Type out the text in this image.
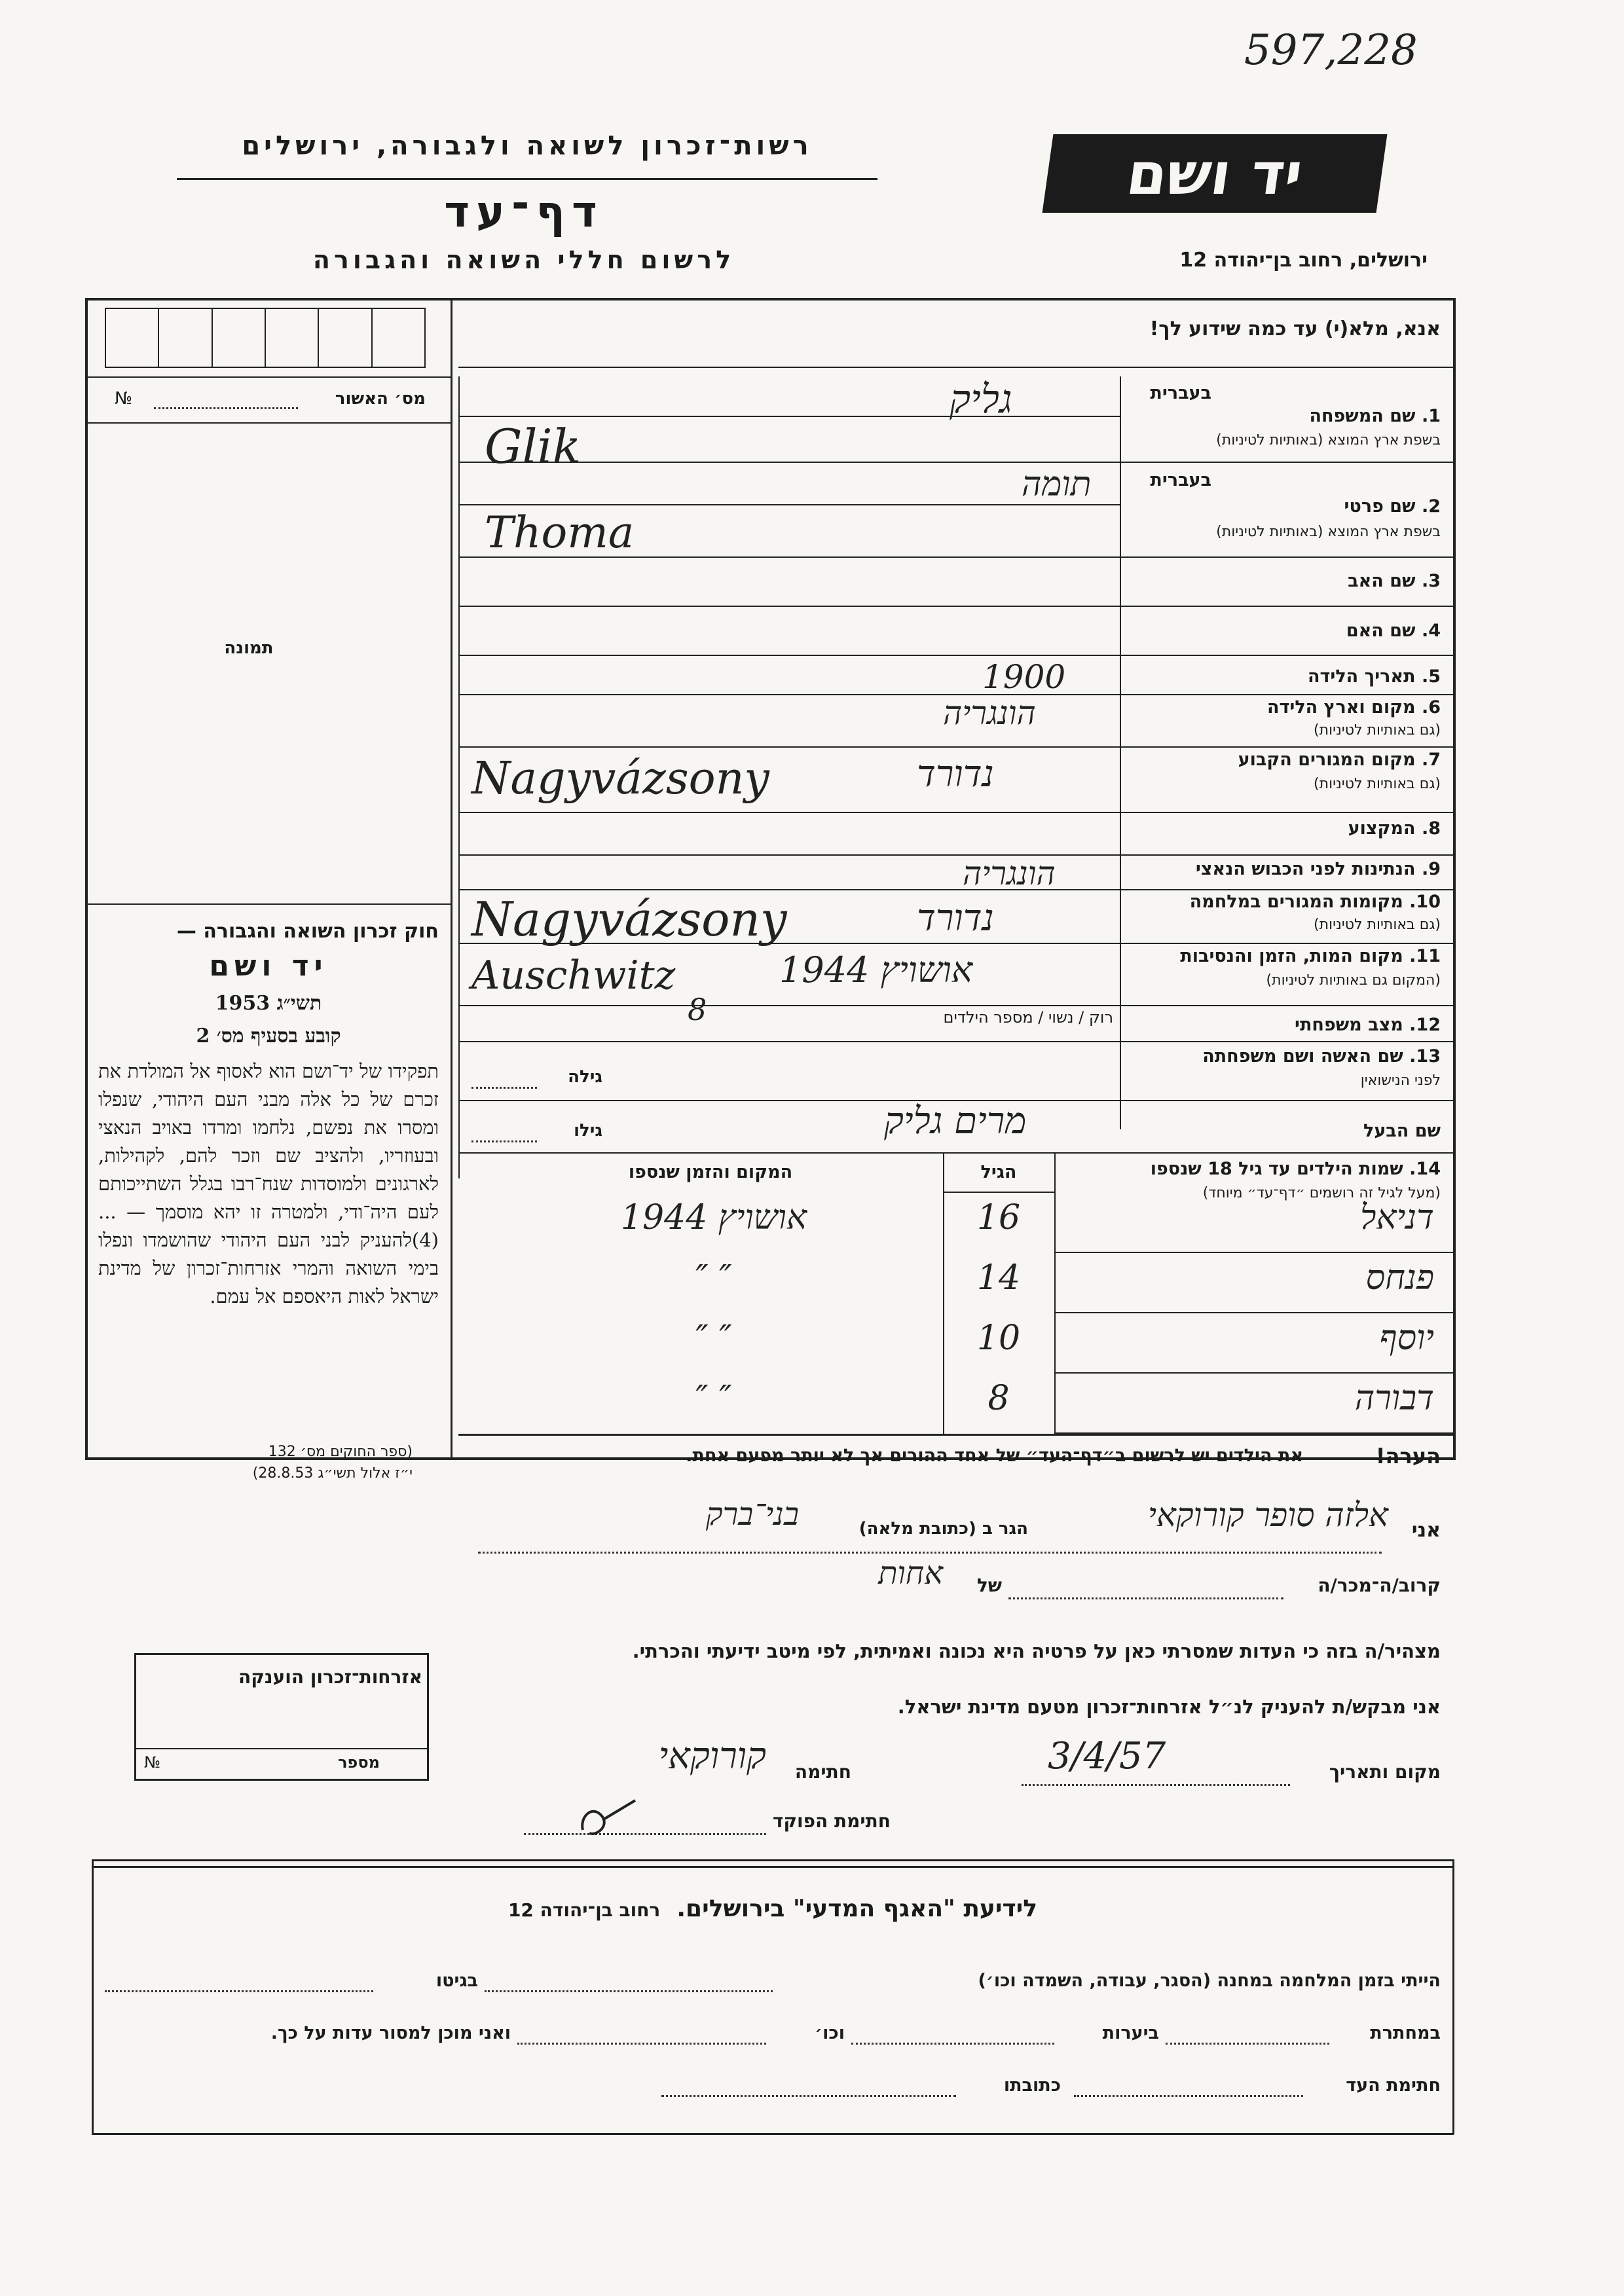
597,228
רשות־זכרון לשואה ולגבורה, ירושלים
דף־עד
לרשום חללי השואה והגבורה
יד ושם
ירושלים, רחוב בן־יהודה 12
מס׳ האשור
№
תמונה
חוק זכרון השואה והגבורה —
יד ושם
תשי״ג 1953
קובע בסעיף מס׳ 2
תפקידו של יד־ושם הוא לאסוף אל המולדת את זכרם של כל אלה מבני העם היהודי, שנפלו ומסרו את נפשם, נלחמו ומרדו באויב הנאצי ובעוזריו, ולהציב שם וזכר להם, לקהילות, לארגונים ולמוסדות שנח־רבו בגלל השתייכותם לעם היה־ודי, ולמטרה זו יהא מוסמך — ...(4)להעניק לבני העם היהודי שהושמדו ונפלו בימי השואה והמרי אזרחות־זכרון של מדינת ישראל לאות היאספם אל עמם.
(ספר החוקים מס׳ 132
י״ז אלול תשי״ג 28.8.53)
אזרחות־זכרון הוענקה
מספר
№
אנא, מלא(י) עד כמה שידוע לך!
בעברית
1. שם המשפחה
בשפת ארץ המוצא (באותיות לטיניות)
גליק
Glik
בעברית
2. שם פרטי
בשפת ארץ המוצא (באותיות לטיניות)
תומה
Thoma
3. שם האב
4. שם האם
5. תאריך הלידה
1900
6. מקום וארץ הלידה
(גם באותיות לטיניות)
הונגריה
7. מקום המגורים הקבוע
(גם באותיות לטיניות)
נדורד
Nagyvázsony
8. המקצוע
9. הנתינות לפני הכבוש הנאצי
הונגריה
10. מקומות המגורים במלחמה
(גם באותיות לטיניות)
נדורד
Nagyvázsony
11. מקום המות, הזמן והנסיבות
(המקום גם באותיות לטיניות)
אושויץ 1944
Auschwitz
12. מצב משפחתי
רוק / נשוי / מספר הילדים
8
13. שם האשה ושם משפחתה
לפני הנישואין
גילה
שם הבעל
מרים גליק
גילו
14. שמות הילדים עד גיל 18 שנספו
(מעל לגיל זה רושמים ״דף־עד״ מיוחד)
הגיל
המקום והזמן שנספו
דניאל
16
אושויץ 1944
פנחס
14
″ ″
יוסף
10
″ ″
דבורה
8
″ ″
הערה!
את הילדים יש לרשום ב״דף־העד״ של אחד ההורים אך לא יותר מפעם אחת.
אני
אלזה סופר קורוקאי
הגר ב (כתובת מלאה)
בני־ברק
קרוב/ה־מכר/ה
של
אחות
מצהיר/ה בזה כי העדות שמסרתי כאן על פרטיה היא נכונה ואמיתית, לפי מיטב ידיעתי והכרתי.
אני מבקש/ת להעניק לנ״ל אזרחות־זכרון מטעם מדינת ישראל.
מקום ותאריך
3/4/57
חתימה
קורוקאי
חתימת הפוקד
לידיעת "האגף המדעי" בירושלים. רחוב בן־יהודה 12
הייתי בזמן המלחמה במחנה (הסגר, עבודה, השמדה וכו׳)
בגיטו
במחתרת
ביערות
וכו׳
ואני מוכן למסור עדות על כך.
חתימת העד
כתובתו
